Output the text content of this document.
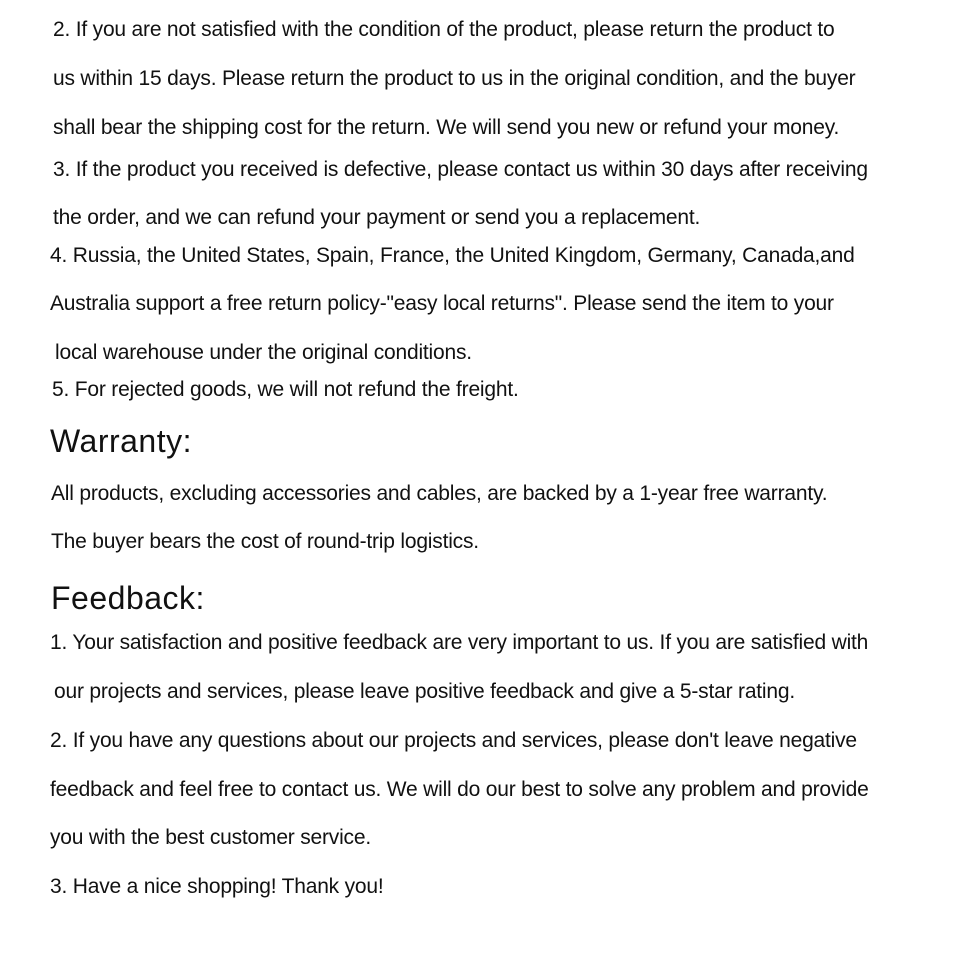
2. If you are not satisfied with the condition of the product, please return the product to
us within 15 days. Please return the product to us in the original condition, and the buyer
shall bear the shipping cost for the return. We will send you new or refund your money.
3. If the product you received is defective, please contact us within 30 days after receiving
the order, and we can refund your payment or send you a replacement.
4. Russia, the United States, Spain, France, the United Kingdom, Germany, Canada,and
Australia support a free return policy-"easy local returns". Please send the item to your
local warehouse under the original conditions.
5. For rejected goods, we will not refund the freight.
Warranty:
All products, excluding accessories and cables, are backed by a 1-year free warranty.
The buyer bears the cost of round-trip logistics.
Feedback:
1. Your satisfaction and positive feedback are very important to us. If you are satisfied with
our projects and services, please leave positive feedback and give a 5-star rating.
2. If you have any questions about our projects and services, please don't leave negative
feedback and feel free to contact us. We will do our best to solve any problem and provide
you with the best customer service.
3. Have a nice shopping! Thank you!
